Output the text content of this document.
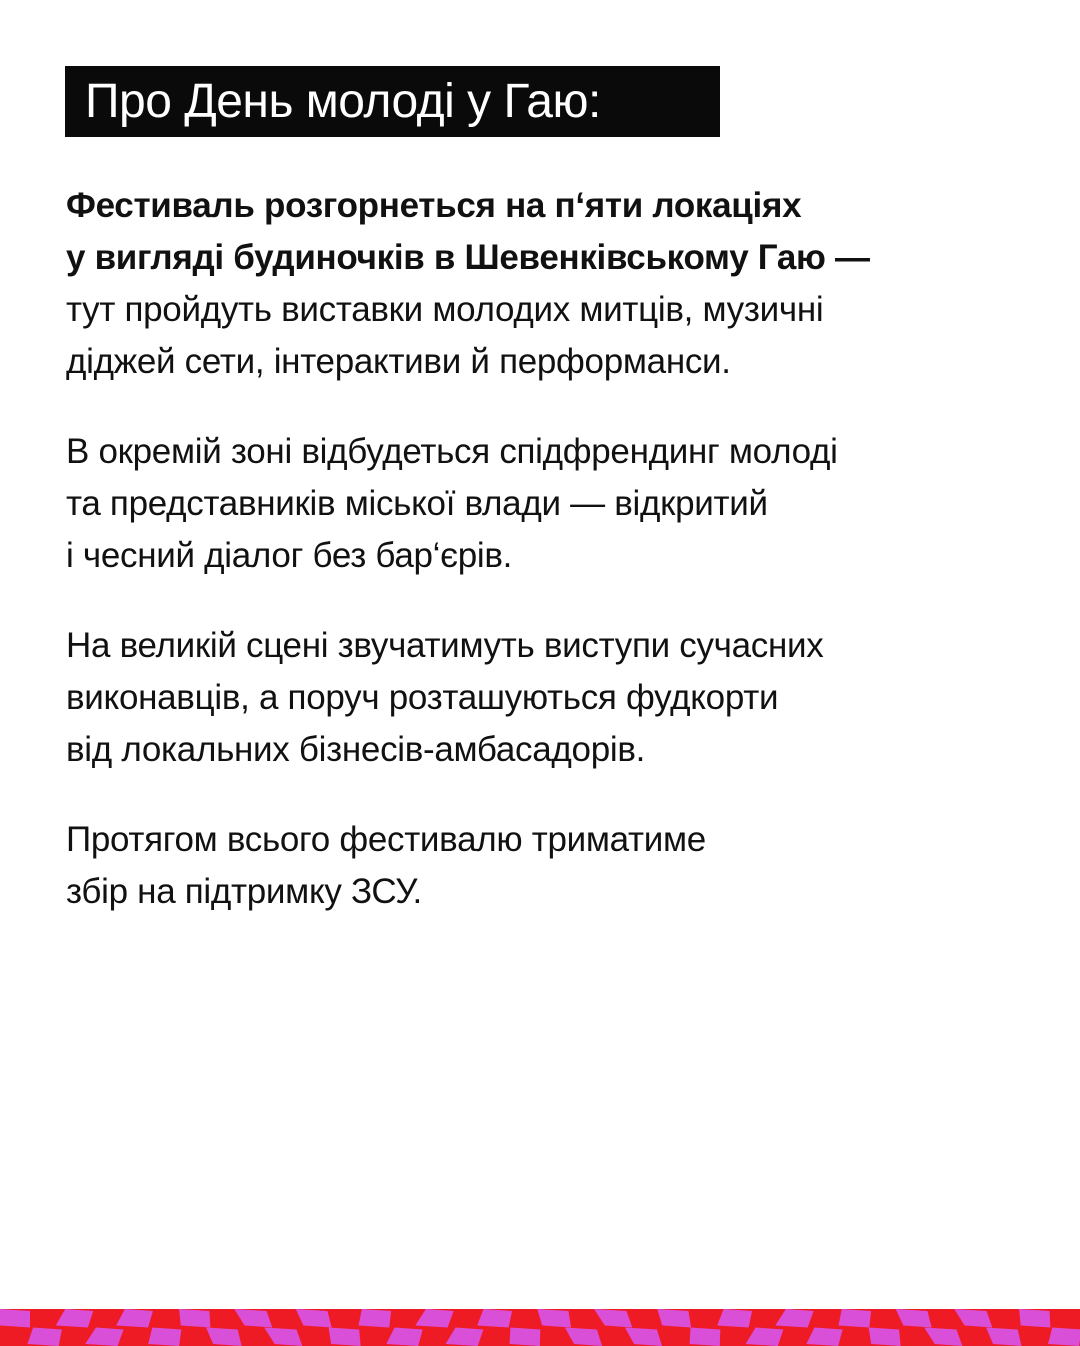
Про День молоді у Гаю:

Фестиваль розгорнеться на п‘яти локаціях
у вигляді будиночків в Шевенківському Гаю —
тут пройдуть виставки молодих митців, музичні
діджей сети, інтерактиви й перформанси.

В окремій зоні відбудеться спідфрендинг молоді
та представників міської влади — відкритий
і чесний діалог без бар‘єрів.

На великій сцені звучатимуть виступи сучасних
виконавців, а поруч розташуються фудкорти
від локальних бізнесів-амбасадорів.

Протягом всього фестивалю триматиме
збір на підтримку ЗСУ.
